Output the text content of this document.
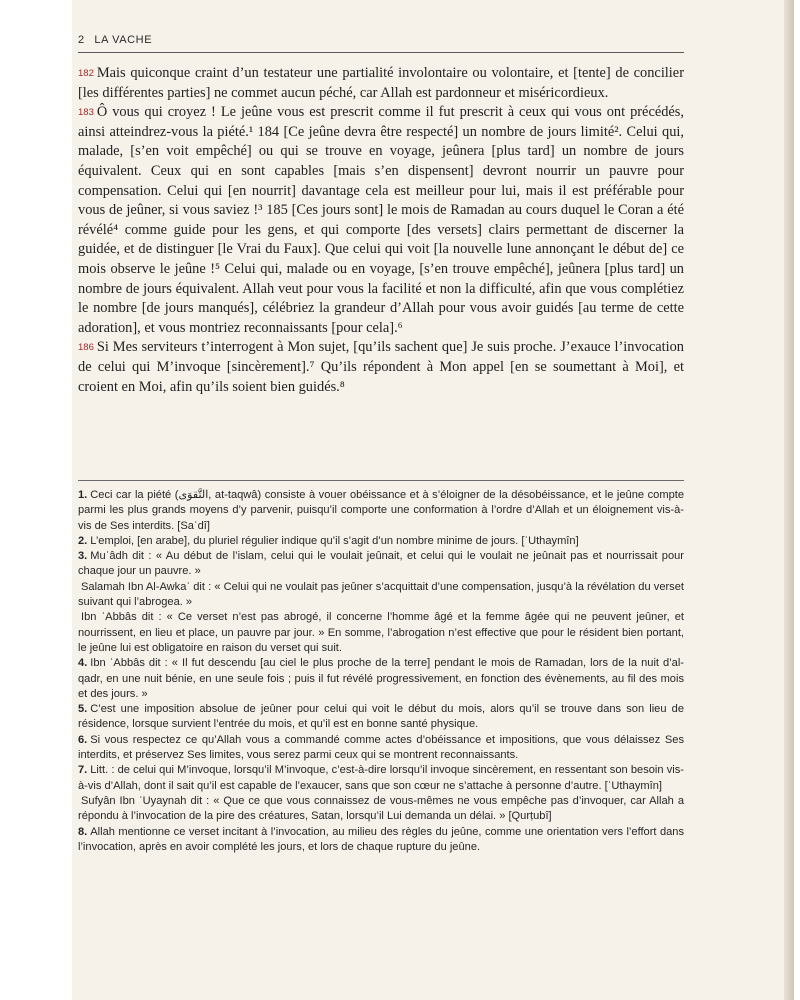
2 LA VACHE

182 Mais quiconque craint d’un testateur une partialité involontaire ou volontaire, et [tente] de concilier [les différentes parties] ne commet aucun péché, car Allah est pardonneur et miséricordieux.

183 Ô vous qui croyez ! Le jeûne vous est prescrit comme il fut prescrit à ceux qui vous ont précédés, ainsi atteindrez-vous la piété.¹ 184 [Ce jeûne devra être respecté] un nombre de jours limité². Celui qui, malade, [s’en voit empêché] ou qui se trouve en voyage, jeûnera [plus tard] un nombre de jours équivalent. Ceux qui en sont capables [mais s’en dispensent] devront nourrir un pauvre pour compensation. Celui qui [en nourrit] davantage cela est meilleur pour lui, mais il est préférable pour vous de jeûner, si vous saviez !³ 185 [Ces jours sont] le mois de Ramadan au cours duquel le Coran a été révélé⁴ comme guide pour les gens, et qui comporte [des versets] clairs permettant de discerner la guidée, et de distinguer [le Vrai du Faux]. Que celui qui voit [la nouvelle lune annonçant le début de] ce mois observe le jeûne !⁵ Celui qui, malade ou en voyage, [s’en trouve empêché], jeûnera [plus tard] un nombre de jours équivalent. Allah veut pour vous la facilité et non la difficulté, afin que vous complétiez le nombre [de jours manqués], célébriez la grandeur d’Allah pour vous avoir guidés [au terme de cette adoration], et vous montriez reconnaissants [pour cela].⁶

186 Si Mes serviteurs t’interrogent à Mon sujet, [qu’ils sachent que] Je suis proche. J’exauce l’invocation de celui qui M’invoque [sincèrement].⁷ Qu’ils répondent à Mon appel [en se soumettant à Moi], et croient en Moi, afin qu’ils soient bien guidés.⁸

1. Ceci car la piété (التَّقوَى, at-taqwâ) consiste à vouer obéissance et à s’éloigner de la désobéissance, et le jeûne compte parmi les plus grands moyens d’y parvenir, puisqu’il comporte une conformation à l’ordre d’Allah et un éloignement vis-à-vis de Ses interdits. [Saʿdî]

2. L’emploi, [en arabe], du pluriel régulier indique qu’il s’agit d’un nombre minime de jours. [ʿUthaymîn]

3. Muʿâdh dit : « Au début de l’islam, celui qui le voulait jeûnait, et celui qui le voulait ne jeûnait pas et nourrissait pour chaque jour un pauvre. »

Salamah Ibn Al-Awkaʿ dit : « Celui qui ne voulait pas jeûner s’acquittait d’une compensation, jusqu’à la révélation du verset suivant qui l’abrogea. »

Ibn ʿAbbâs dit : « Ce verset n’est pas abrogé, il concerne l’homme âgé et la femme âgée qui ne peuvent jeûner, et nourrissent, en lieu et place, un pauvre par jour. » En somme, l’abrogation n’est effective que pour le résident bien portant, le jeûne lui est obligatoire en raison du verset qui suit.

4. Ibn ʿAbbâs dit : « Il fut descendu [au ciel le plus proche de la terre] pendant le mois de Ramadan, lors de la nuit d’al-qadr, en une nuit bénie, en une seule fois ; puis il fut révélé progressivement, en fonction des évènements, au fil des mois et des jours. »

5. C’est une imposition absolue de jeûner pour celui qui voit le début du mois, alors qu’il se trouve dans son lieu de résidence, lorsque survient l’entrée du mois, et qu’il est en bonne santé physique.

6. Si vous respectez ce qu’Allah vous a commandé comme actes d’obéissance et impositions, que vous délaissez Ses interdits, et préservez Ses limites, vous serez parmi ceux qui se montrent reconnaissants.

7. Litt. : de celui qui M’invoque, lorsqu’il M’invoque, c’est-à-dire lorsqu’il invoque sincèrement, en ressentant son besoin vis-à-vis d’Allah, dont il sait qu’il est capable de l’exaucer, sans que son cœur ne s’attache à personne d’autre. [ʿUthaymîn]

Sufyân Ibn ʿUyaynah dit : « Que ce que vous connaissez de vous-mêmes ne vous empêche pas d’invoquer, car Allah a répondu à l’invocation de la pire des créatures, Satan, lorsqu’il Lui demanda un délai. » [Qurṭubî]

8. Allah mentionne ce verset incitant à l’invocation, au milieu des règles du jeûne, comme une orientation vers l’effort dans l’invocation, après en avoir complété les jours, et lors de chaque rupture du jeûne.
